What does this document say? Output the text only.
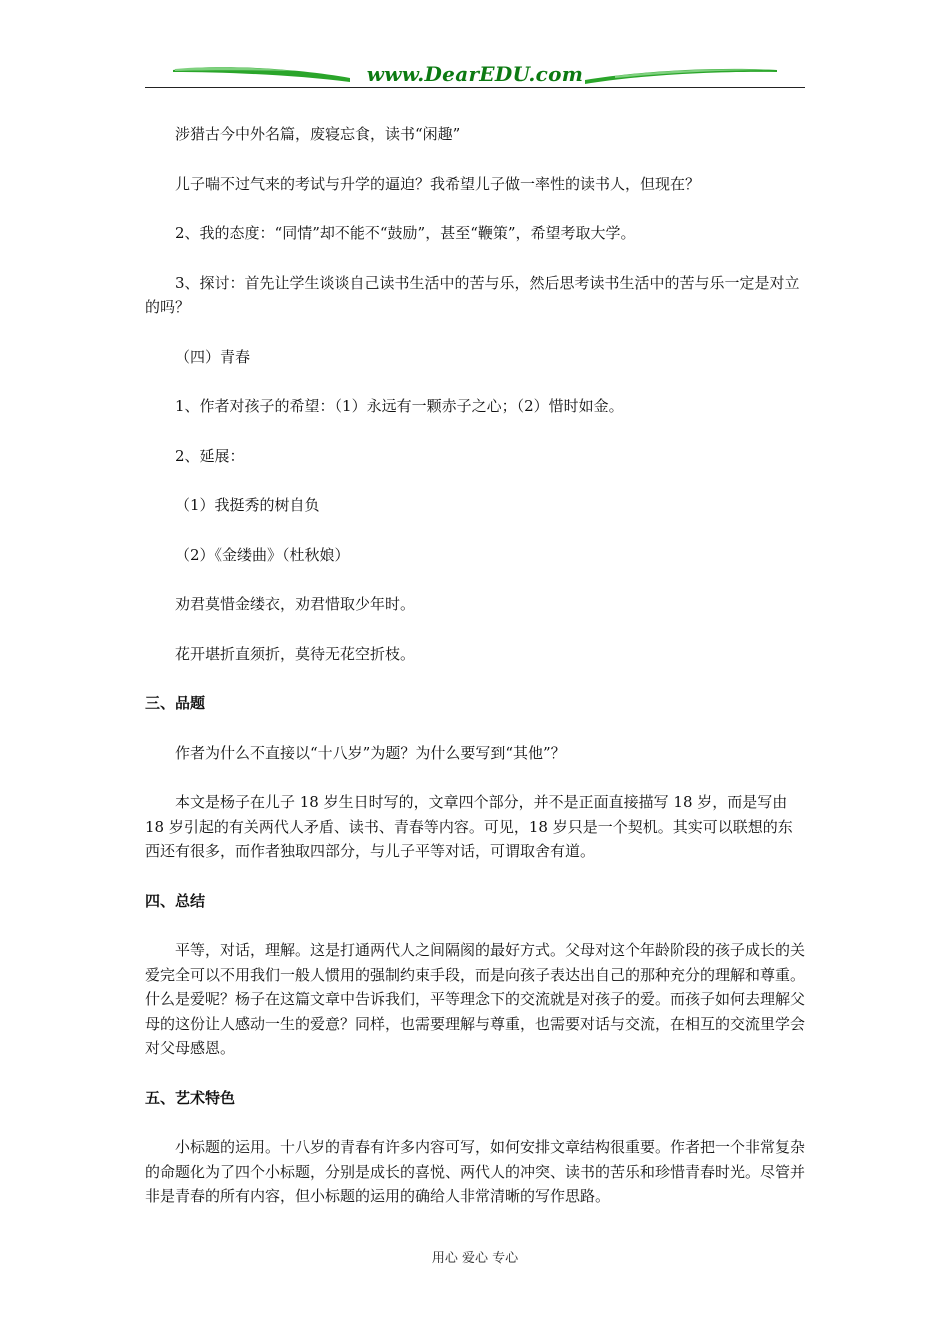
www.DearEDU.com

涉猎古今中外名篇，废寝忘食，读书“闲趣”

儿子喘不过气来的考试与升学的逼迫？我希望儿子做一率性的读书人，但现在？

2、我的态度：“同情”却不能不“鼓励”，甚至“鞭策”，希望考取大学。

3、探讨：首先让学生谈谈自己读书生活中的苦与乐，然后思考读书生活中的苦与乐一定是对立的吗？

（四）青春

1、作者对孩子的希望：（1）永远有一颗赤子之心；（2）惜时如金。

2、延展：

（1）我挺秀的树自负

（2）《金缕曲》（杜秋娘）

劝君莫惜金缕衣，劝君惜取少年时。

花开堪折直须折，莫待无花空折枝。

三、品题

作者为什么不直接以“十八岁”为题？为什么要写到“其他”？

本文是杨子在儿子 18 岁生日时写的，文章四个部分，并不是正面直接描写 18 岁，而是写由 18 岁引起的有关两代人矛盾、读书、青春等内容。可见，18 岁只是一个契机。其实可以联想的东西还有很多，而作者独取四部分，与儿子平等对话，可谓取舍有道。

四、总结

平等，对话，理解。这是打通两代人之间隔阂的最好方式。父母对这个年龄阶段的孩子成长的关爱完全可以不用我们一般人惯用的强制约束手段，而是向孩子表达出自己的那种充分的理解和尊重。什么是爱呢？杨子在这篇文章中告诉我们，平等理念下的交流就是对孩子的爱。而孩子如何去理解父母的这份让人感动一生的爱意？同样，也需要理解与尊重，也需要对话与交流，在相互的交流里学会对父母感恩。

五、艺术特色

小标题的运用。十八岁的青春有许多内容可写，如何安排文章结构很重要。作者把一个非常复杂的命题化为了四个小标题，分别是成长的喜悦、两代人的冲突、读书的苦乐和珍惜青春时光。尽管并非是青春的所有内容，但小标题的运用的确给人非常清晰的写作思路。

用心 爱心 专心
